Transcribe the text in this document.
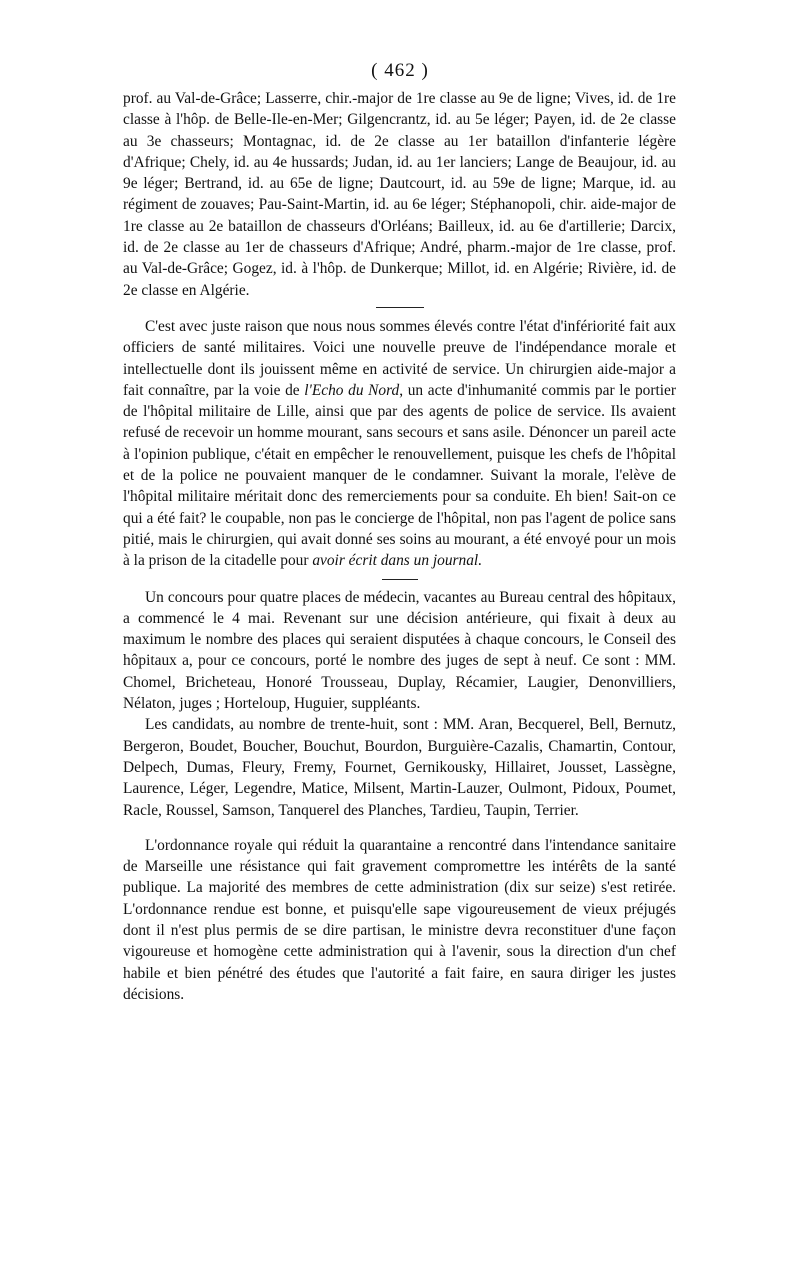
( 462 )

prof. au Val-de-Grâce; Lasserre, chir.-major de 1re classe au 9e de ligne; Vives, id. de 1re classe à l'hôp. de Belle-Ile-en-Mer; Gilgencrantz, id. au 5e léger; Payen, id. de 2e classe au 3e chasseurs; Montagnac, id. de 2e classe au 1er bataillon d'infanterie légère d'Afrique; Chely, id. au 4e hussards; Judan, id. au 1er lanciers; Lange de Beaujour, id. au 9e léger; Bertrand, id. au 65e de ligne; Dautcourt, id. au 59e de ligne; Marque, id. au régiment de zouaves; Pau-Saint-Martin, id. au 6e léger; Stéphanopoli, chir. aide-major de 1re classe au 2e bataillon de chasseurs d'Orléans; Bailleux, id. au 6e d'artillerie; Darcix, id. de 2e classe au 1er de chasseurs d'Afrique; André, pharm.-major de 1re classe, prof. au Val-de-Grâce; Gogez, id. à l'hôp. de Dunkerque; Millot, id. en Algérie; Rivière, id. de 2e classe en Algérie.

C'est avec juste raison que nous nous sommes élevés contre l'état d'infériorité fait aux officiers de santé militaires. Voici une nouvelle preuve de l'indépendance morale et intellectuelle dont ils jouissent même en activité de service. Un chirurgien aide-major a fait connaître, par la voie de l'Echo du Nord, un acte d'inhumanité commis par le portier de l'hôpital militaire de Lille, ainsi que par des agents de police de service. Ils avaient refusé de recevoir un homme mourant, sans secours et sans asile. Dénoncer un pareil acte à l'opinion publique, c'était en empêcher le renouvellement, puisque les chefs de l'hôpital et de la police ne pouvaient manquer de le condamner. Suivant la morale, l'elève de l'hôpital militaire méritait donc des remerciements pour sa conduite. Eh bien! Sait-on ce qui a été fait? le coupable, non pas le concierge de l'hôpital, non pas l'agent de police sans pitié, mais le chirurgien, qui avait donné ses soins au mourant, a été envoyé pour un mois à la prison de la citadelle pour avoir écrit dans un journal.

Un concours pour quatre places de médecin, vacantes au Bureau central des hôpitaux, a commencé le 4 mai. Revenant sur une décision antérieure, qui fixait à deux au maximum le nombre des places qui seraient disputées à chaque concours, le Conseil des hôpitaux a, pour ce concours, porté le nombre des juges de sept à neuf. Ce sont : MM. Chomel, Bricheteau, Honoré Trousseau, Duplay, Récamier, Laugier, Denonvilliers, Nélaton, juges ; Horteloup, Huguier, suppléants.

Les candidats, au nombre de trente-huit, sont : MM. Aran, Becquerel, Bell, Bernutz, Bergeron, Boudet, Boucher, Bouchut, Bourdon, Burguière-Cazalis, Chamartin, Contour, Delpech, Dumas, Fleury, Fremy, Fournet, Gernikousky, Hillairet, Jousset, Lassègne, Laurence, Léger, Legendre, Matice, Milsent, Martin-Lauzer, Oulmont, Pidoux, Poumet, Racle, Roussel, Samson, Tanquerel des Planches, Tardieu, Taupin, Terrier.

L'ordonnance royale qui réduit la quarantaine a rencontré dans l'intendance sanitaire de Marseille une résistance qui fait gravement compromettre les intérêts de la santé publique. La majorité des membres de cette administration (dix sur seize) s'est retirée. L'ordonnance rendue est bonne, et puisqu'elle sape vigoureusement de vieux préjugés dont il n'est plus permis de se dire partisan, le ministre devra reconstituer d'une façon vigoureuse et homogène cette administration qui à l'avenir, sous la direction d'un chef habile et bien pénétré des études que l'autorité a fait faire, en saura diriger les justes décisions.
